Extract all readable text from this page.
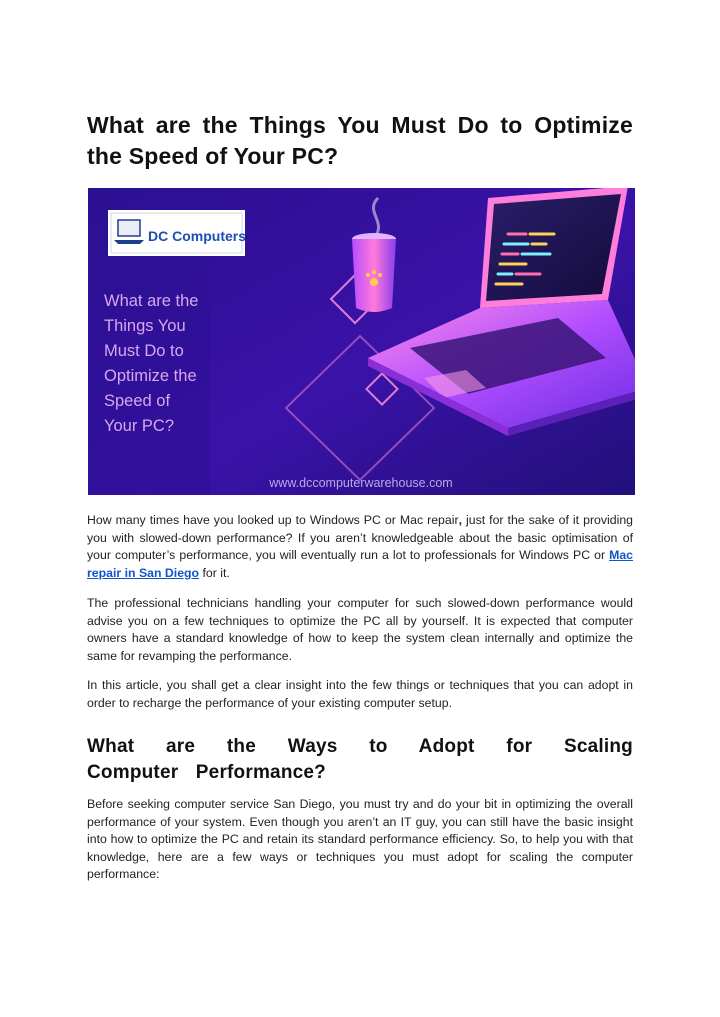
What are the Things You Must Do to Optimize the Speed of Your PC?
DC Computers
What are the
Things You
Must Do to
Optimize the
Speed of
Your PC?
www.dccomputerwarehouse.com

How many times have you looked up to Windows PC or Mac repair, just for the sake of it providing you with slowed-down performance? If you aren’t knowledgeable about the basic optimisation of your computer’s performance, you will eventually run a lot to professionals for Windows PC or Mac repair in San Diego for it.

The professional technicians handling your computer for such slowed-down performance would advise you on a few techniques to optimize the PC all by yourself. It is expected that computer owners have a standard knowledge of how to keep the system clean internally and optimize the same for revamping the performance.

In this article, you shall get a clear insight into the few things or techniques that you can adopt in order to recharge the performance of your existing computer setup.

What are the Ways to Adopt for Scaling Computer Performance?

Before seeking computer service San Diego, you must try and do your bit in optimizing the overall performance of your system. Even though you aren’t an IT guy, you can still have the basic insight into how to optimize the PC and retain its standard performance efficiency. So, to help you with that knowledge, here are a few ways or techniques you must adopt for scaling the computer performance:
